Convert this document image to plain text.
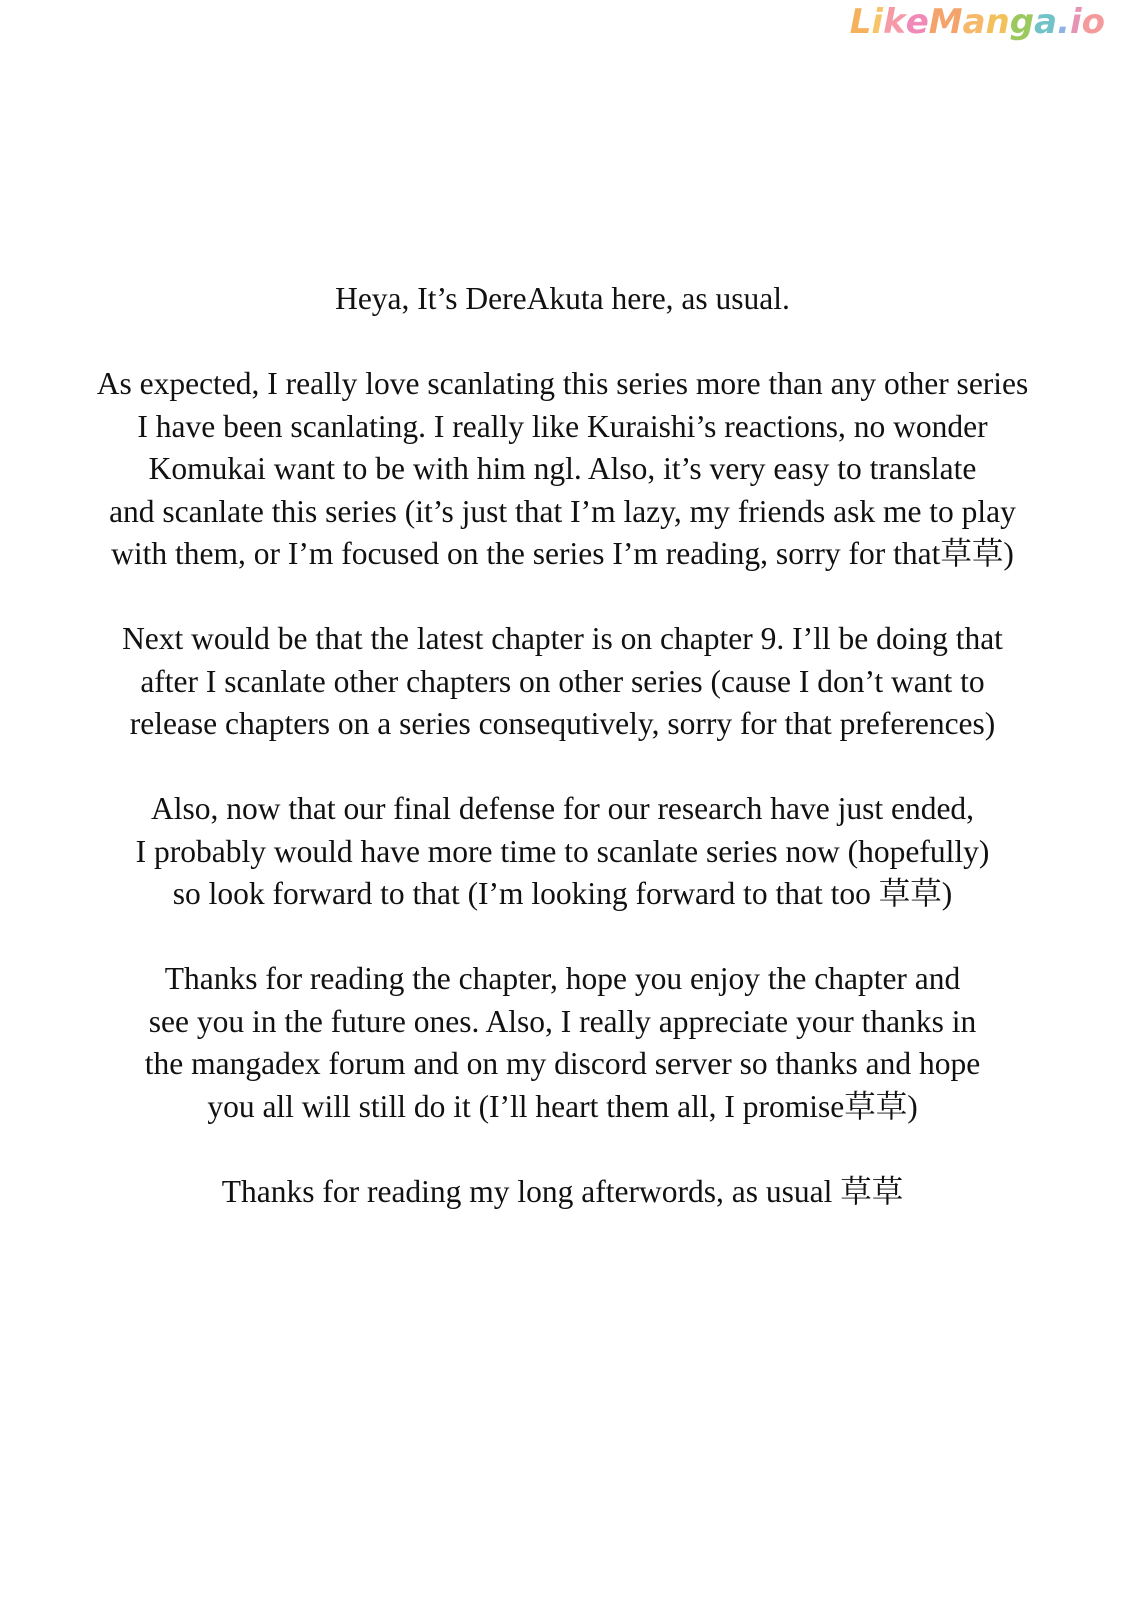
LikeManga.io

Heya, It’s DereAkuta here, as usual.

As expected, I really love scanlating this series more than any other series
I have been scanlating. I really like Kuraishi’s reactions, no wonder
Komukai want to be with him ngl. Also, it’s very easy to translate
and scanlate this series (it’s just that I’m lazy, my friends ask me to play
with them, or I’m focused on the series I’m reading, sorry for that草草)

Next would be that the latest chapter is on chapter 9. I’ll be doing that
after I scanlate other chapters on other series (cause I don’t want to
release chapters on a series consequtively, sorry for that preferences)

Also, now that our final defense for our research have just ended,
I probably would have more time to scanlate series now (hopefully)
so look forward to that (I’m looking forward to that too 草草)

Thanks for reading the chapter, hope you enjoy the chapter and
see you in the future ones. Also, I really appreciate your thanks in
the mangadex forum and on my discord server so thanks and hope
you all will still do it (I’ll heart them all, I promise草草)

Thanks for reading my long afterwords, as usual 草草
